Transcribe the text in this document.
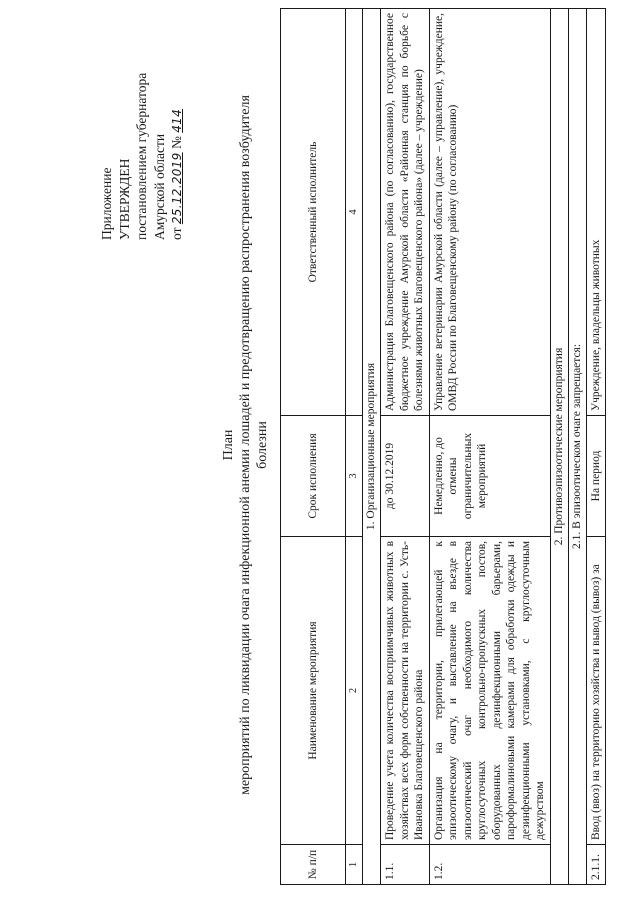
Приложение УТВЕРЖДЕН постановлением губернатора Амурской области от 25.12.2019 № 414
План мероприятий по ликвидации очага инфекционной анемии лошадей и предотвращению распространения возбудителя болезни
№ п/п	Наименование мероприятия	Срок исполнения	Ответственный исполнитель
1	2	3	4
1. Организационные мероприятия			
1.1.	Проведение учета количества восприимчивых животных в хозяйствах всех форм собственности на территории с. Усть-Ивановка Благовещенского района	до 30.12.2019	Администрация Благовещенского района (по согласованию), государственное бюджетное учреждение Амурской области «Районная станция по борьбе с болезнями животных Благовещенского района» (далее – учреждение)
1.2.	Организация на территории, прилегающей к эпизоотическому очагу, и выставление на въезде в эпизоотический очаг необходимого количества круглосуточных контрольно-пропускных постов, оборудованных дезинфекционными барьерами, пароформалиновыми камерами для обработки одежды и дезинфекционными установками, с круглосуточным дежурством	Немедленно, до отмены ограничительных мероприятий	Управление ветеринарии Амурской области (далее – управление), учреждение, ОМВД России по Благовещенскому району (по согласованию)
2. Противоэпизоотические мероприятия			
2.1. В эпизоотическом очаге запрещается:			
2.1.1.	Ввод (ввоз) на территорию хозяйства и вывод (вывоз) за	На период	Учреждение, владельцы животных
